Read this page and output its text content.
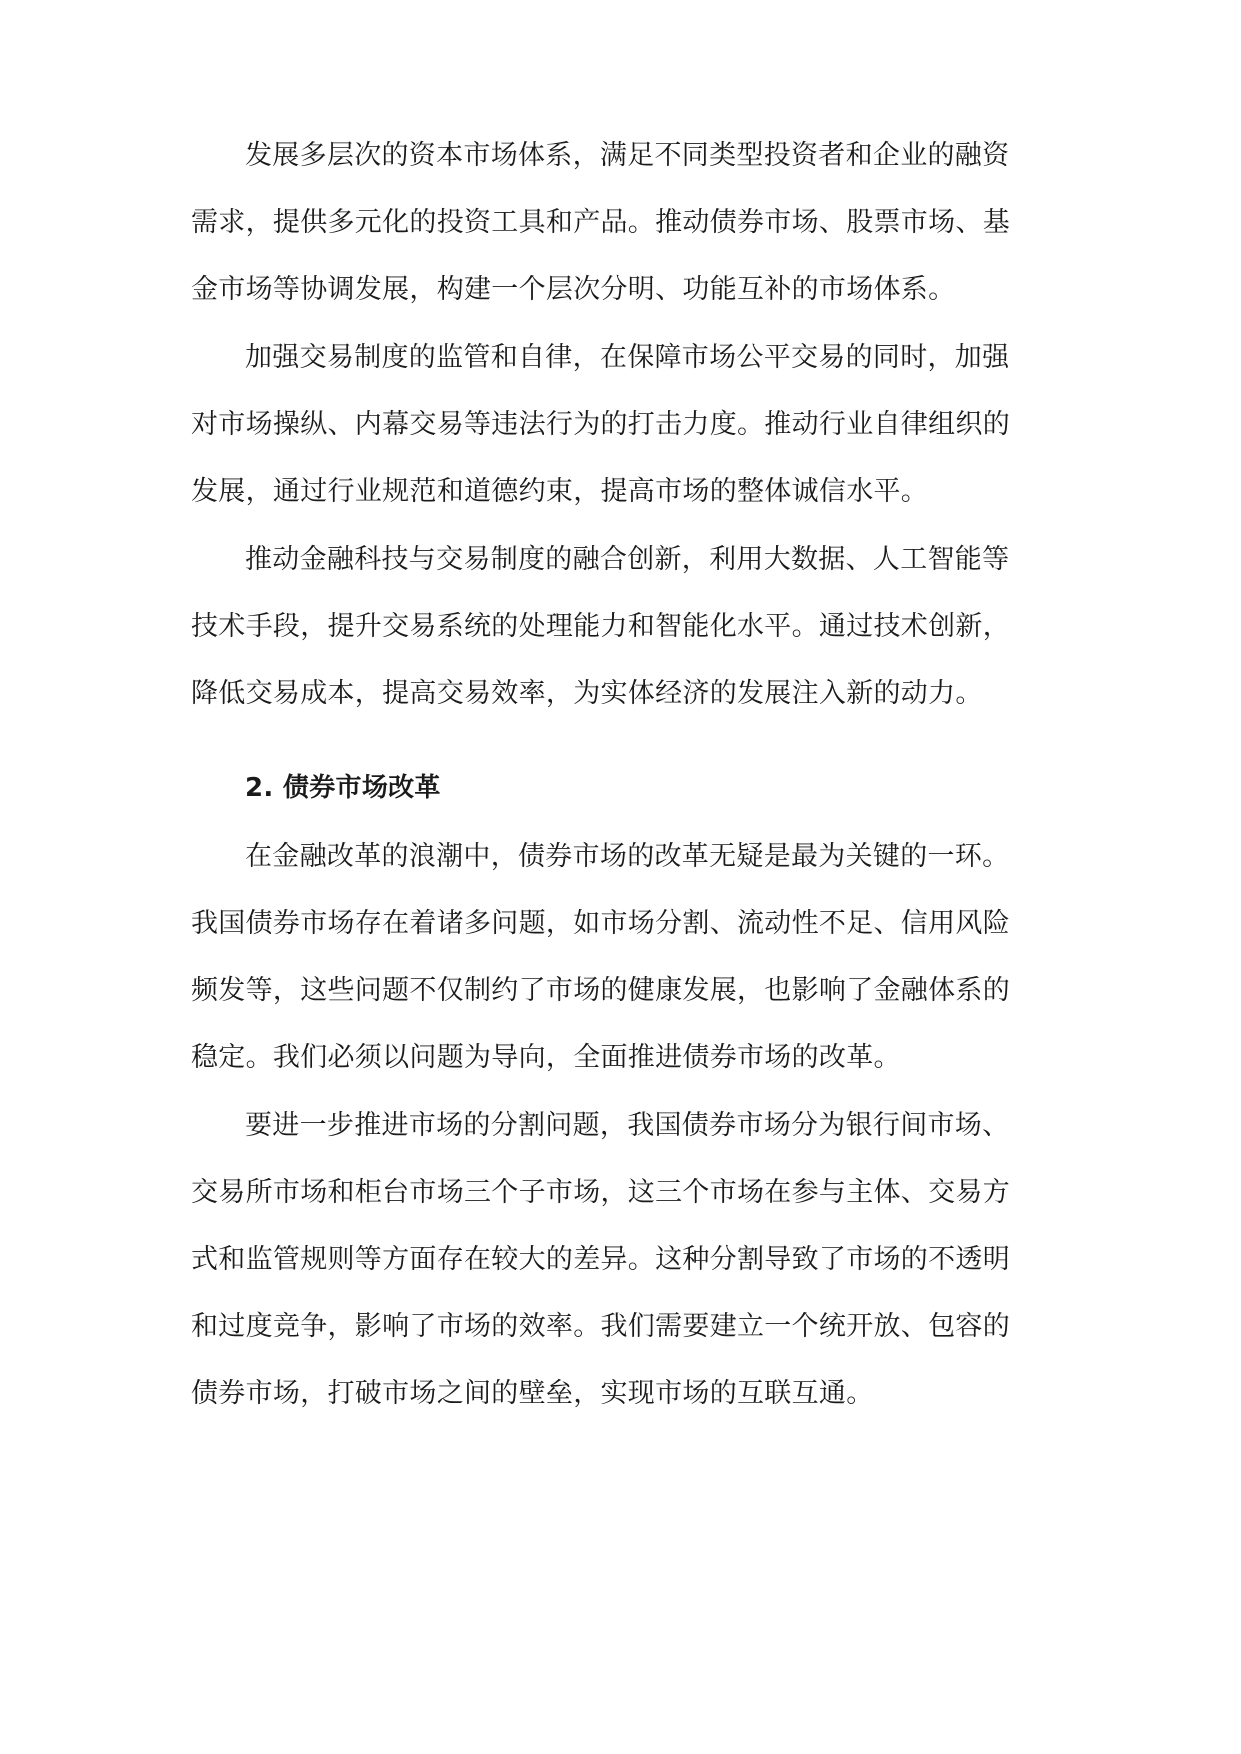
发展多层次的资本市场体系，满足不同类型投资者和企业的融资
需求，提供多元化的投资工具和产品。推动债券市场、股票市场、基
金市场等协调发展，构建一个层次分明、功能互补的市场体系。
加强交易制度的监管和自律，在保障市场公平交易的同时，加强
对市场操纵、内幕交易等违法行为的打击力度。推动行业自律组织的
发展，通过行业规范和道德约束，提高市场的整体诚信水平。
推动金融科技与交易制度的融合创新，利用大数据、人工智能等
技术手段，提升交易系统的处理能力和智能化水平。通过技术创新，
降低交易成本，提高交易效率，为实体经济的发展注入新的动力。
2. 债券市场改革
在金融改革的浪潮中，债券市场的改革无疑是最为关键的一环。
我国债券市场存在着诸多问题，如市场分割、流动性不足、信用风险
频发等，这些问题不仅制约了市场的健康发展，也影响了金融体系的
稳定。我们必须以问题为导向，全面推进债券市场的改革。
要进一步推进市场的分割问题，我国债券市场分为银行间市场、
交易所市场和柜台市场三个子市场，这三个市场在参与主体、交易方
式和监管规则等方面存在较大的差异。这种分割导致了市场的不透明
和过度竞争，影响了市场的效率。我们需要建立一个统开放、包容的
债券市场，打破市场之间的壁垒，实现市场的互联互通。
